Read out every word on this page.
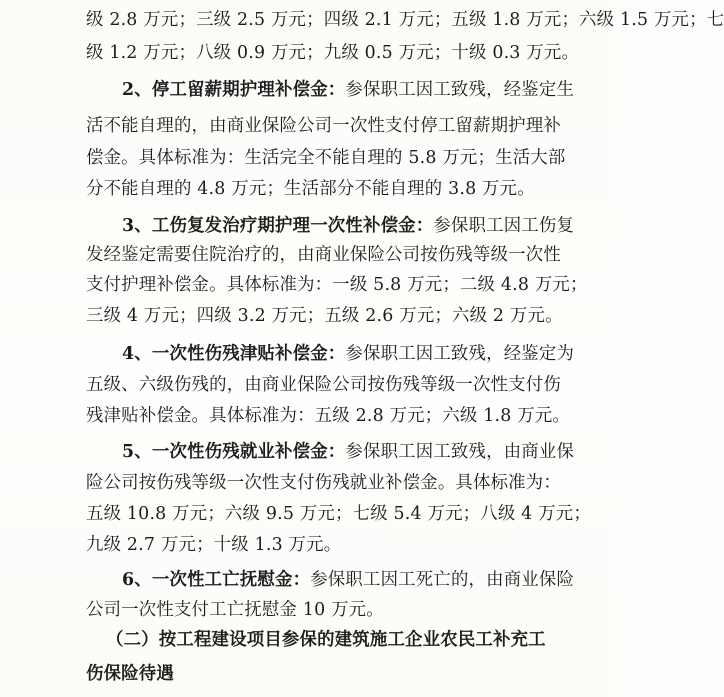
级 2.8 万元；三级 2.5 万元；四级 2.1 万元；五级 1.8 万元；六级 1.5 万元；七
级 1.2 万元；八级 0.9 万元；九级 0.5 万元；十级 0.3 万元。
2、停工留薪期护理补偿金：参保职工因工致残，经鉴定生
活不能自理的，由商业保险公司一次性支付停工留薪期护理补
偿金。具体标准为：生活完全不能自理的 5.8 万元；生活大部
分不能自理的 4.8 万元；生活部分不能自理的 3.8 万元。
3、工伤复发治疗期护理一次性补偿金：参保职工因工伤复
发经鉴定需要住院治疗的，由商业保险公司按伤残等级一次性
支付护理补偿金。具体标准为：一级 5.8 万元；二级 4.8 万元；
三级 4 万元；四级 3.2 万元；五级 2.6 万元；六级 2 万元。
4、一次性伤残津贴补偿金：参保职工因工致残，经鉴定为
五级、六级伤残的，由商业保险公司按伤残等级一次性支付伤
残津贴补偿金。具体标准为：五级 2.8 万元；六级 1.8 万元。
5、一次性伤残就业补偿金：参保职工因工致残，由商业保
险公司按伤残等级一次性支付伤残就业补偿金。具体标准为：
五级 10.8 万元；六级 9.5 万元；七级 5.4 万元；八级 4 万元；
九级 2.7 万元；十级 1.3 万元。
6、一次性工亡抚慰金：参保职工因工死亡的，由商业保险
公司一次性支付工亡抚慰金 10 万元。
（二）按工程建设项目参保的建筑施工企业农民工补充工
伤保险待遇
